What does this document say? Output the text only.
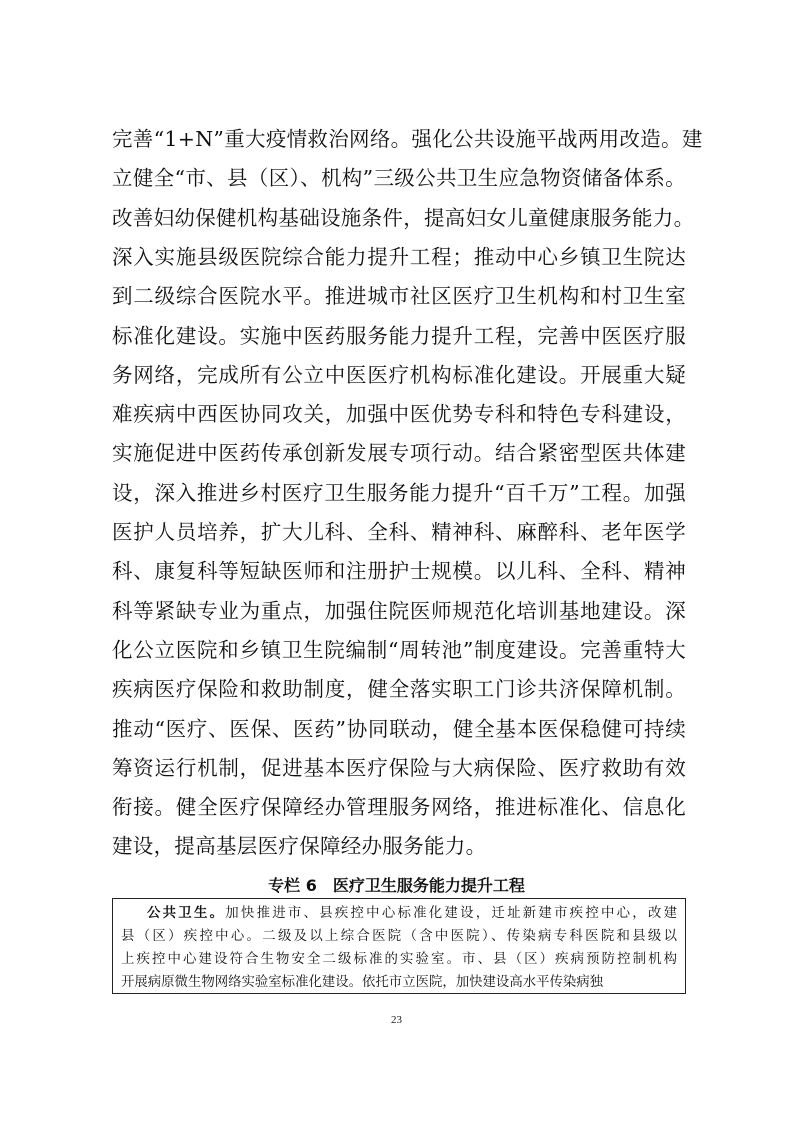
完善“1+N”重大疫情救治网络。强化公共设施平战两用改造。建
立健全“市、县（区）、机构”三级公共卫生应急物资储备体系。
改善妇幼保健机构基础设施条件，提高妇女儿童健康服务能力。
深入实施县级医院综合能力提升工程；推动中心乡镇卫生院达
到二级综合医院水平。推进城市社区医疗卫生机构和村卫生室
标准化建设。实施中医药服务能力提升工程，完善中医医疗服
务网络，完成所有公立中医医疗机构标准化建设。开展重大疑
难疾病中西医协同攻关，加强中医优势专科和特色专科建设，
实施促进中医药传承创新发展专项行动。结合紧密型医共体建
设，深入推进乡村医疗卫生服务能力提升“百千万”工程。加强
医护人员培养，扩大儿科、全科、精神科、麻醉科、老年医学
科、康复科等短缺医师和注册护士规模。以儿科、全科、精神
科等紧缺专业为重点，加强住院医师规范化培训基地建设。深
化公立医院和乡镇卫生院编制“周转池”制度建设。完善重特大
疾病医疗保险和救助制度，健全落实职工门诊共济保障机制。
推动“医疗、医保、医药”协同联动，健全基本医保稳健可持续
筹资运行机制，促进基本医疗保险与大病保险、医疗救助有效
衔接。健全医疗保障经办管理服务网络，推进标准化、信息化
建设，提高基层医疗保障经办服务能力。
专栏 6　医疗卫生服务能力提升工程
公共卫生。加快推进市、县疾控中心标准化建设，迁址新建市疾控中心，改建
县（区）疾控中心。二级及以上综合医院（含中医院）、传染病专科医院和县级以
上疾控中心建设符合生物安全二级标准的实验室。市、县（区）疾病预防控制机构
开展病原微生物网络实验室标准化建设。依托市立医院，加快建设高水平传染病独
23
